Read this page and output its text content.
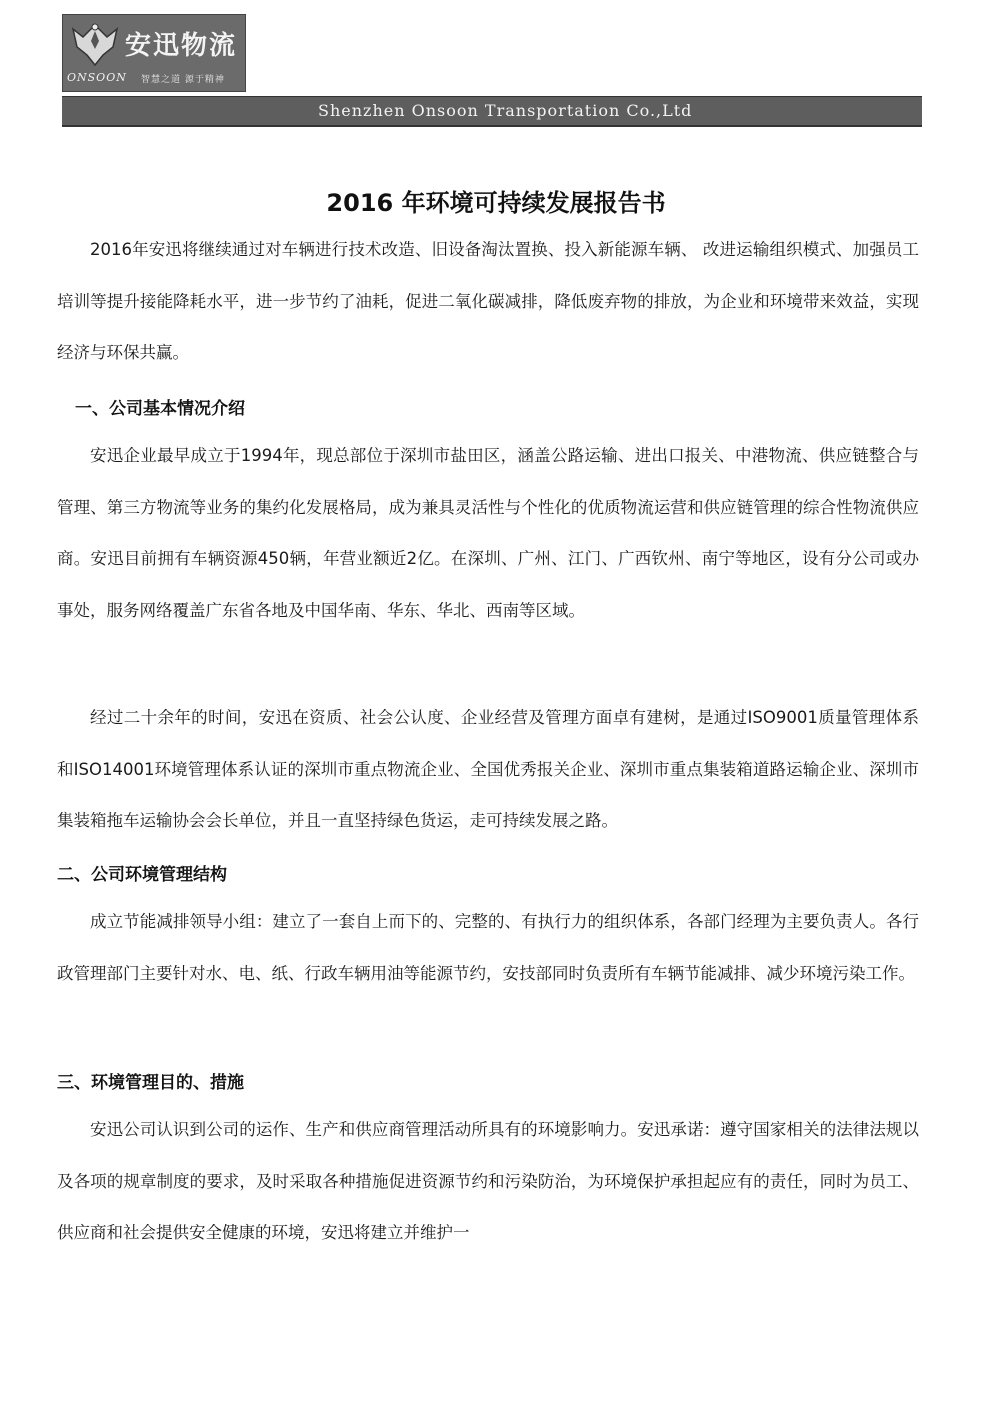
安迅物流
ONSOON 智慧之道 源于精神
Shenzhen Onsoon Transportation Co.,Ltd
2016 年环境可持续发展报告书

2016年安迅将继续通过对车辆进行技术改造、旧设备淘汰置换、投入新能源车辆、 改进运输组织模式、加强员工培训等提升接能降耗水平，进一步节约了油耗，促进二氧化碳减排，降低废弃物的排放，为企业和环境带来效益，实现经济与环保共赢。

一、公司基本情况介绍

安迅企业最早成立于1994年，现总部位于深圳市盐田区，涵盖公路运输、进出口报关、中港物流、供应链整合与管理、第三方物流等业务的集约化发展格局，成为兼具灵活性与个性化的优质物流运营和供应链管理的综合性物流供应商。安迅目前拥有车辆资源450辆，年营业额近2亿。在深圳、广州、江门、广西钦州、南宁等地区，设有分公司或办事处，服务网络覆盖广东省各地及中国华南、华东、华北、西南等区域。

经过二十余年的时间，安迅在资质、社会公认度、企业经营及管理方面卓有建树，是通过ISO9001质量管理体系和ISO14001环境管理体系认证的深圳市重点物流企业、全国优秀报关企业、深圳市重点集装箱道路运输企业、深圳市集装箱拖车运输协会会长单位，并且一直坚持绿色货运，走可持续发展之路。

二、公司环境管理结构

成立节能减排领导小组：建立了一套自上而下的、完整的、有执行力的组织体系，各部门经理为主要负责人。各行政管理部门主要针对水、电、纸、行政车辆用油等能源节约，安技部同时负责所有车辆节能减排、减少环境污染工作。

三、环境管理目的、措施

安迅公司认识到公司的运作、生产和供应商管理活动所具有的环境影响力。安迅承诺：遵守国家相关的法律法规以及各项的规章制度的要求，及时采取各种措施促进资源节约和污染防治，为环境保护承担起应有的责任，同时为员工、供应商和社会提供安全健康的环境，安迅将建立并维护一
